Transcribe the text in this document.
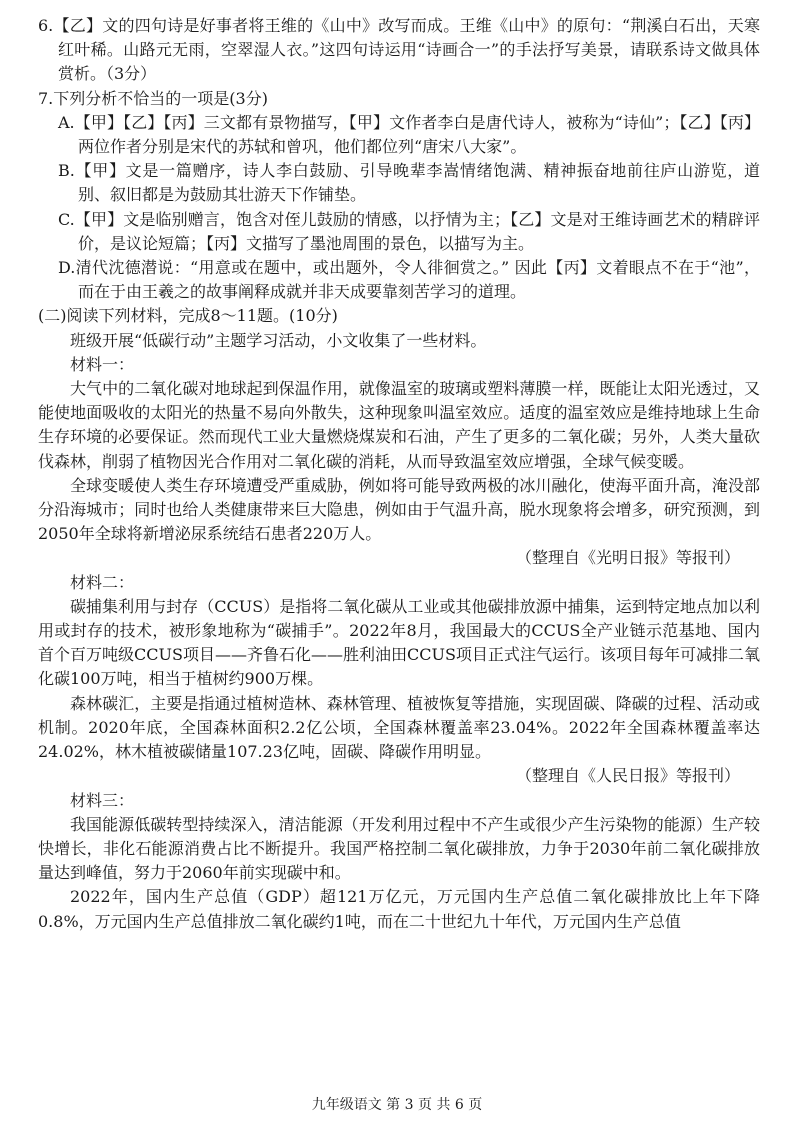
6.【乙】文的四句诗是好事者将王维的《山中》改写而成。王维《山中》的原句：“荆溪白石出，天寒红叶稀。山路元无雨，空翠湿人衣。”这四句诗运用“诗画合一”的手法抒写美景，请联系诗文做具体赏析。（3分）

7.下列分析不恰当的一项是(3分)

A.【甲】【乙】【丙】三文都有景物描写，【甲】文作者李白是唐代诗人，被称为“诗仙”；【乙】【丙】两位作者分别是宋代的苏轼和曾巩，他们都位列“唐宋八大家”。

B.【甲】文是一篇赠序，诗人李白鼓励、引导晚辈李嵩情绪饱满、精神振奋地前往庐山游览，道别、叙旧都是为鼓励其壮游天下作铺垫。

C.【甲】文是临别赠言，饱含对侄儿鼓励的情感，以抒情为主；【乙】文是对王维诗画艺术的精辟评价，是议论短篇；【丙】文描写了墨池周围的景色，以描写为主。

D.清代沈德潜说：“用意或在题中，或出题外，令人徘徊赏之。” 因此【丙】文着眼点不在于“池”，而在于由王羲之的故事阐释成就并非天成要靠刻苦学习的道理。

(二)阅读下列材料，完成8～11题。(10分)

班级开展“低碳行动”主题学习活动，小文收集了一些材料。

材料一：

大气中的二氧化碳对地球起到保温作用，就像温室的玻璃或塑料薄膜一样，既能让太阳光透过，又能使地面吸收的太阳光的热量不易向外散失，这种现象叫温室效应。适度的温室效应是维持地球上生命生存环境的必要保证。然而现代工业大量燃烧煤炭和石油，产生了更多的二氧化碳；另外，人类大量砍伐森林，削弱了植物因光合作用对二氧化碳的消耗，从而导致温室效应增强，全球气候变暖。

全球变暖使人类生存环境遭受严重威胁，例如将可能导致两极的冰川融化，使海平面升高，淹没部分沿海城市；同时也给人类健康带来巨大隐患，例如由于气温升高，脱水现象将会增多，研究预测，到2050年全球将新增泌尿系统结石患者220万人。

（整理自《光明日报》等报刊）

材料二：

碳捕集利用与封存（CCUS）是指将二氧化碳从工业或其他碳排放源中捕集，运到特定地点加以利用或封存的技术，被形象地称为“碳捕手”。2022年8月，我国最大的CCUS全产业链示范基地、国内首个百万吨级CCUS项目——齐鲁石化——胜利油田CCUS项目正式注气运行。该项目每年可减排二氧化碳100万吨，相当于植树约900万棵。

森林碳汇，主要是指通过植树造林、森林管理、植被恢复等措施，实现固碳、降碳的过程、活动或机制。2020年底，全国森林面积2.2亿公顷，全国森林覆盖率23.04%。2022年全国森林覆盖率达24.02%，林木植被碳储量107.23亿吨，固碳、降碳作用明显。

（整理自《人民日报》等报刊）

材料三：

我国能源低碳转型持续深入，清洁能源（开发利用过程中不产生或很少产生污染物的能源）生产较快增长，非化石能源消费占比不断提升。我国严格控制二氧化碳排放，力争于2030年前二氧化碳排放量达到峰值，努力于2060年前实现碳中和。

2022年，国内生产总值（GDP）超121万亿元，万元国内生产总值二氧化碳排放比上年下降0.8%，万元国内生产总值排放二氧化碳约1吨，而在二十世纪九十年代，万元国内生产总值

九年级语文 第 3 页 共 6 页
